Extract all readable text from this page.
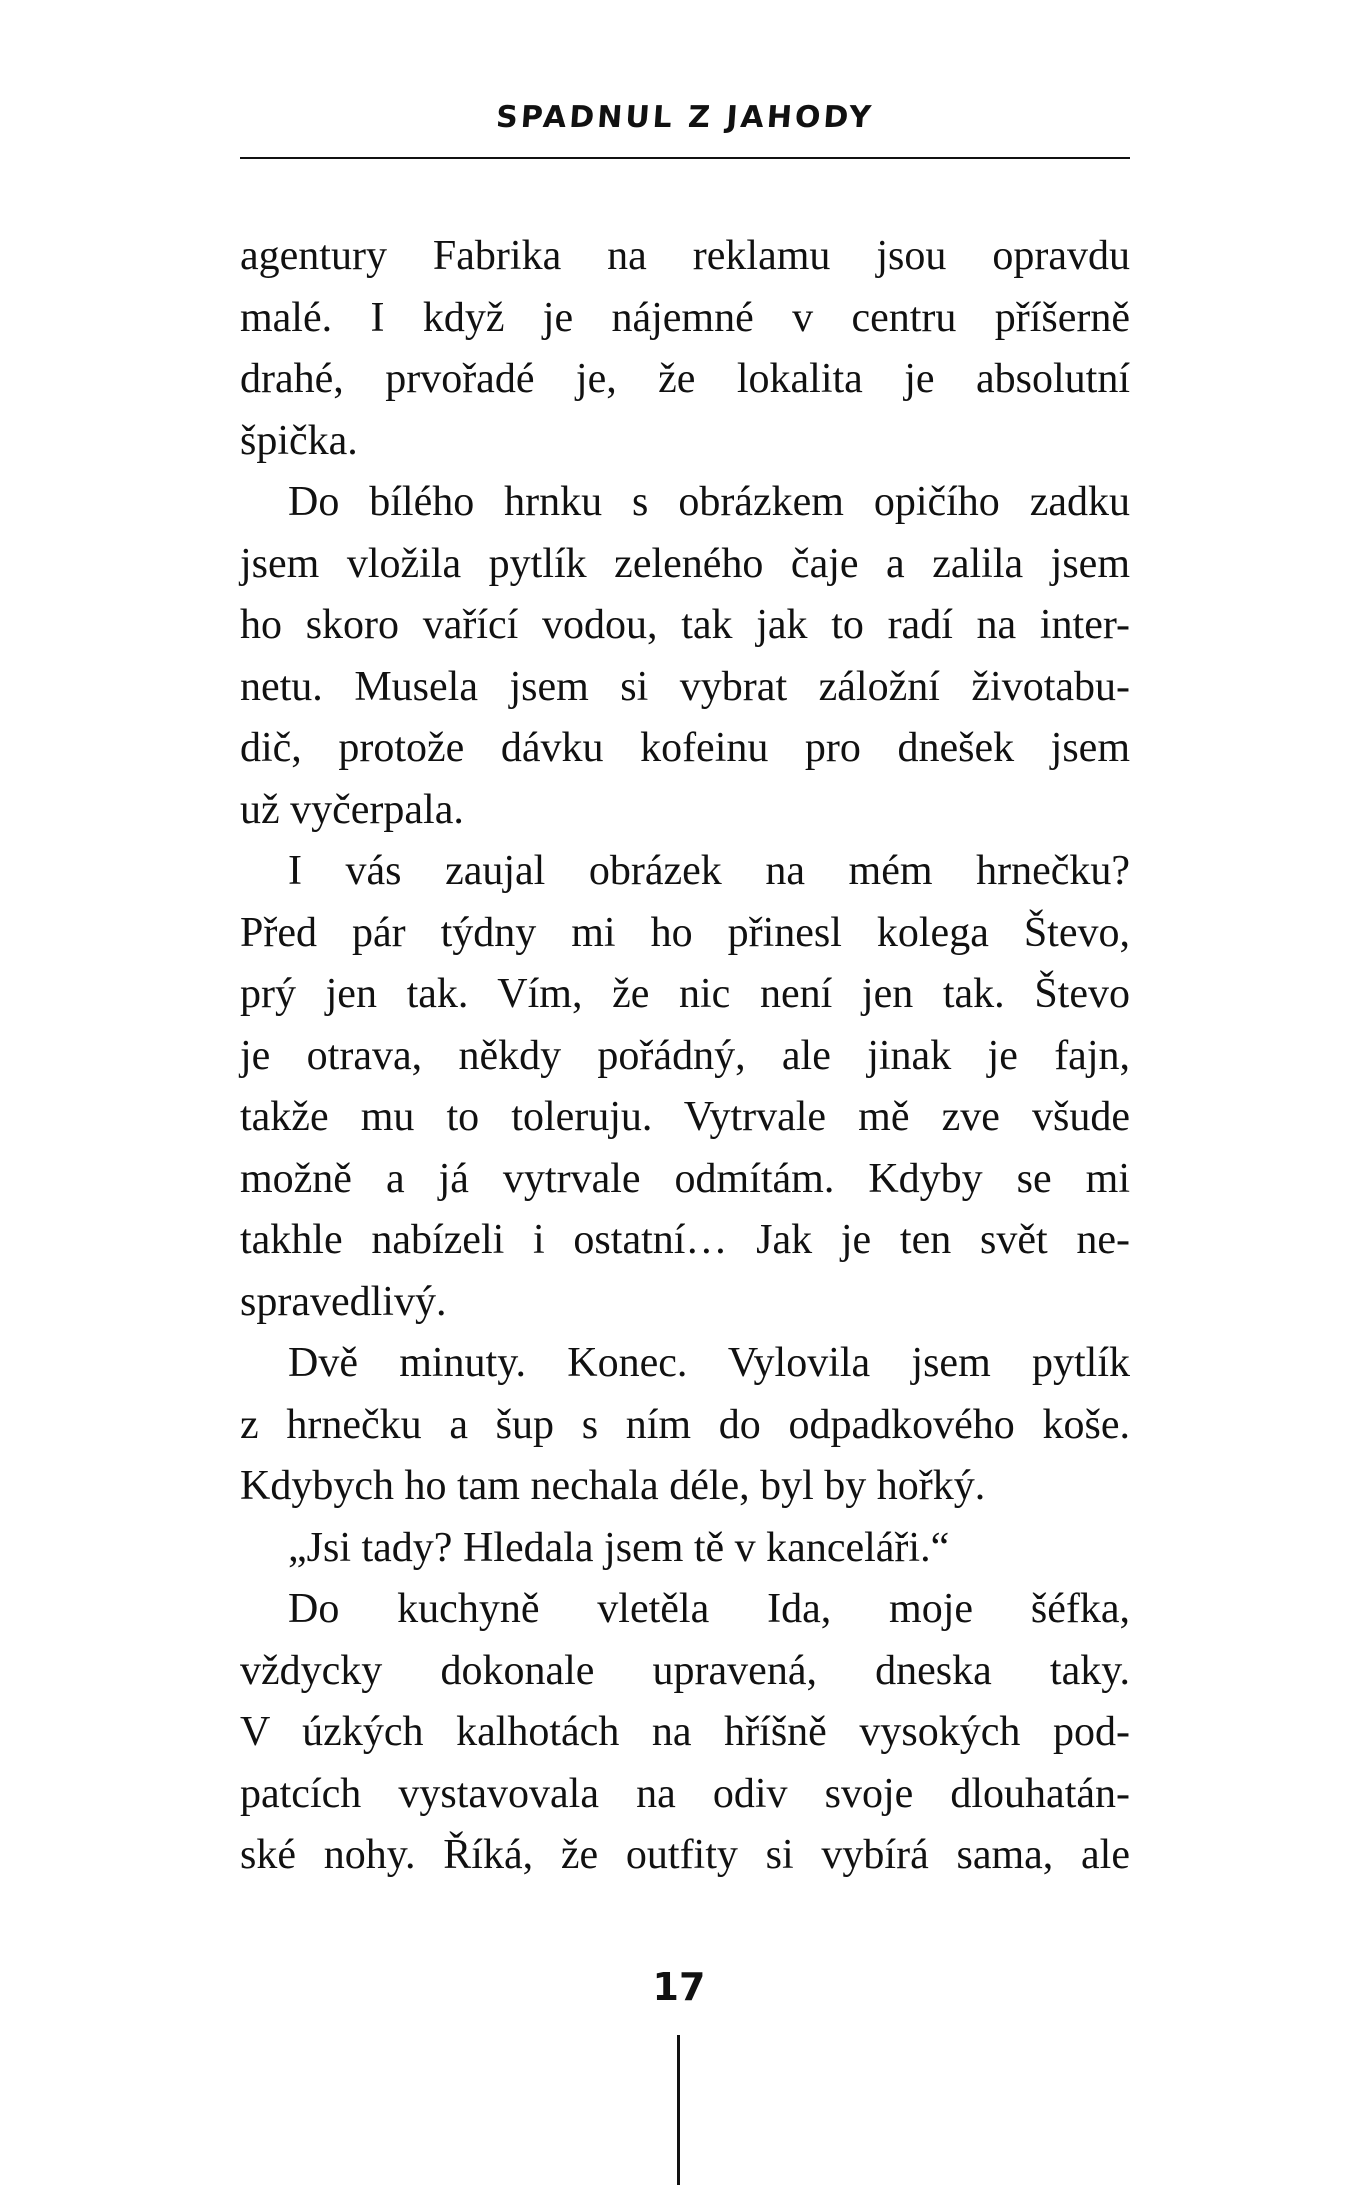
SPADNUL Z JAHODY
agentury Fabrika na reklamu jsou opravdu
malé. I když je nájemné v centru příšerně
drahé, prvořadé je, že lokalita je absolutní
špička.
Do bílého hrnku s obrázkem opičího zadku
jsem vložila pytlík zeleného čaje a zalila jsem
ho skoro vařící vodou, tak jak to radí na inter-
netu. Musela jsem si vybrat záložní životabu-
dič, protože dávku kofeinu pro dnešek jsem
už vyčerpala.
I vás zaujal obrázek na mém hrnečku?
Před pár týdny mi ho přinesl kolega Števo,
prý jen tak. Vím, že nic není jen tak. Števo
je otrava, někdy pořádný, ale jinak je fajn,
takže mu to toleruju. Vytrvale mě zve všude
možně a já vytrvale odmítám. Kdyby se mi
takhle nabízeli i ostatní… Jak je ten svět ne-
spravedlivý.
Dvě minuty. Konec. Vylovila jsem pytlík
z hrnečku a šup s ním do odpadkového koše.
Kdybych ho tam nechala déle, byl by hořký.
„Jsi tady? Hledala jsem tě v kanceláři.“
Do kuchyně vletěla Ida, moje šéfka,
vždycky dokonale upravená, dneska taky.
V úzkých kalhotách na hříšně vysokých pod-
patcích vystavovala na odiv svoje dlouhatán-
ské nohy. Říká, že outfity si vybírá sama, ale
17
